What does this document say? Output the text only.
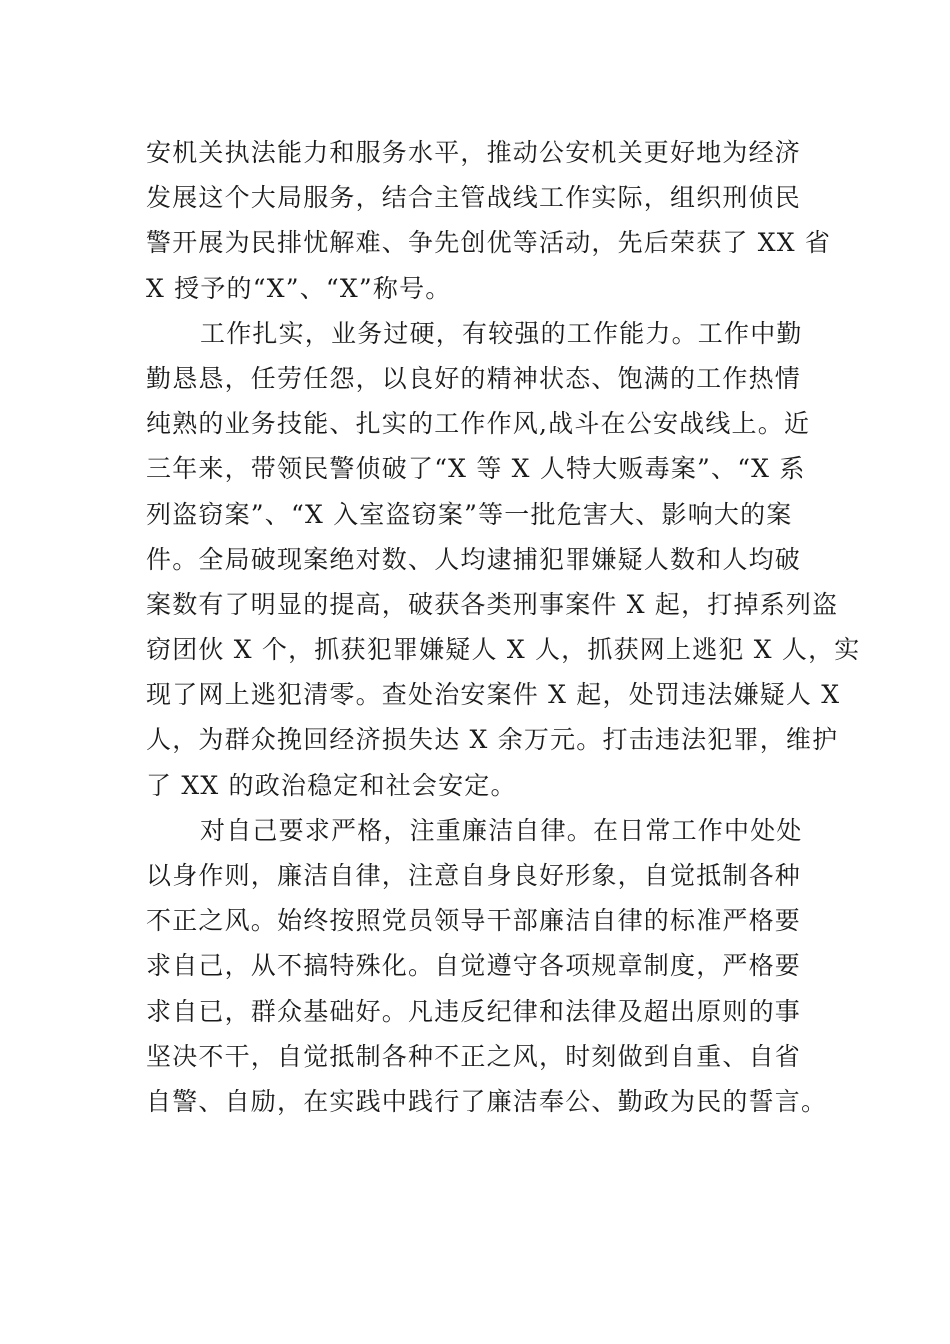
安机关执法能力和服务水平，推动公安机关更好地为经济
发展这个大局服务，结合主管战线工作实际，组织刑侦民
警开展为民排忧解难、争先创优等活动，先后荣获了 XX 省
X 授予的“X”、“X”称号。
工作扎实，业务过硬，有较强的工作能力。工作中勤
勤恳恳，任劳任怨，以良好的精神状态、饱满的工作热情
纯熟的业务技能、扎实的工作作风,战斗在公安战线上。近
三年来，带领民警侦破了“X 等 X 人特大贩毒案”、“X 系
列盗窃案”、“X 入室盗窃案”等一批危害大、影响大的案
件。全局破现案绝对数、人均逮捕犯罪嫌疑人数和人均破
案数有了明显的提高，破获各类刑事案件 X 起，打掉系列盗
窃团伙 X 个，抓获犯罪嫌疑人 X 人，抓获网上逃犯 X 人，实
现了网上逃犯清零。查处治安案件 X 起，处罚违法嫌疑人 X
人，为群众挽回经济损失达 X 余万元。打击违法犯罪，维护
了 XX 的政治稳定和社会安定。
对自己要求严格，注重廉洁自律。在日常工作中处处
以身作则，廉洁自律，注意自身良好形象，自觉抵制各种
不正之风。始终按照党员领导干部廉洁自律的标准严格要
求自己，从不搞特殊化。自觉遵守各项规章制度，严格要
求自已，群众基础好。凡违反纪律和法律及超出原则的事
坚决不干，自觉抵制各种不正之风，时刻做到自重、自省
自警、自励，在实践中践行了廉洁奉公、勤政为民的誓言。
